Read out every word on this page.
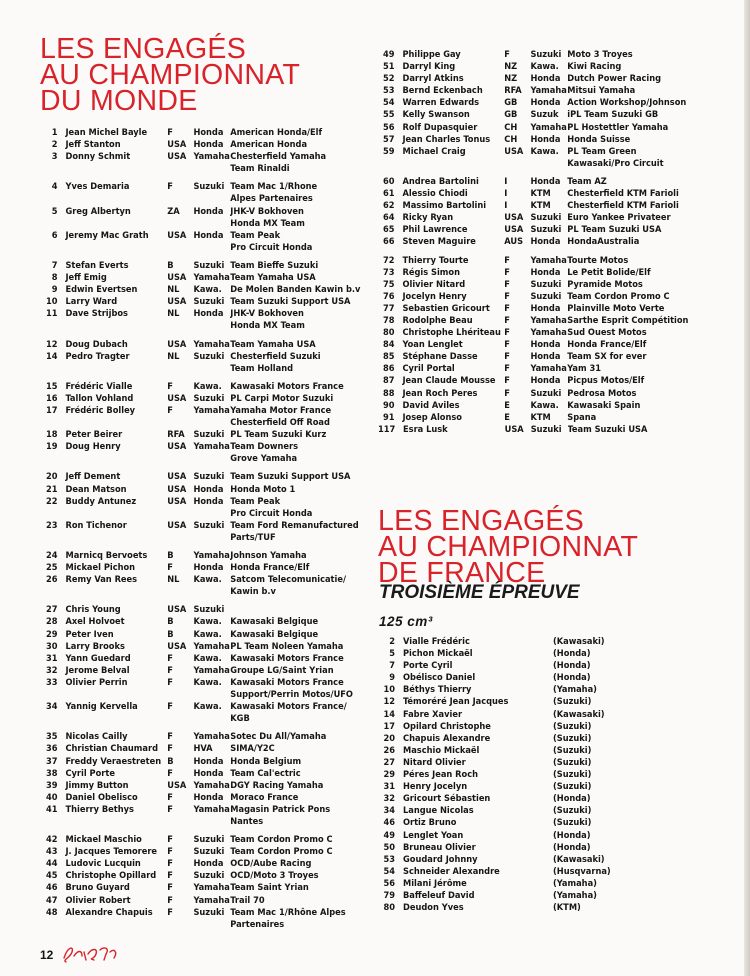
LES ENGAGÉS
AU CHAMPIONNAT
DU MONDE
1 Jean Michel Bayle	F	Honda American Honda/Elf
2 Jeff Stanton	USA Honda American Honda
3 Donny Schmit	USA Yamaha Chesterfield Yamaha
Team Rinaldi
4 Yves Demaria	F	Suzuki Team Mac 1/Rhone
Alpes Partenaires
5 Greg Albertyn	ZA	Honda JHK-V Bokhoven
Honda MX Team
6 Jeremy Mac Grath	USA Honda Team Peak
Pro Circuit Honda
7 Stefan Everts	B	Suzuki Team Bieffe Suzuki
8 Jeff Emig	USA Yamaha Team Yamaha USA
9 Edwin Evertsen	NL	Kawa. De Molen Banden Kawin b.v
10 Larry Ward	USA Suzuki Team Suzuki Support USA
11 Dave Strijbos	NL	Honda JHK-V Bokhoven
Honda MX Team
12 Doug Dubach	USA Yamaha Team Yamaha USA
14 Pedro Tragter	NL	Suzuki Chesterfield Suzuki
Team Holland
15 Frédéric Vialle	F	Kawa. Kawasaki Motors France
16 Tallon Vohland	USA Suzuki PL Carpi Motor Suzuki
17 Frédéric Bolley	F	Yamaha Yamaha Motor France
Chesterfield Off Road
18 Peter Beirer	RFA Suzuki PL Team Suzuki Kurz
19 Doug Henry	USA Yamaha Team Downers
Grove Yamaha
20 Jeff Dement	USA Suzuki Team Suzuki Support USA
21 Dean Matson	USA Honda Honda Moto 1
22 Buddy Antunez	USA Honda Team Peak
Pro Circuit Honda
23 Ron Tichenor	USA Suzuki Team Ford Remanufactured
Parts/TUF
24 Marnicq Bervoets	B	Yamaha Johnson Yamaha
25 Mickael Pichon	F	Honda Honda France/Elf
26 Remy Van Rees	NL	Kawa. Satcom Telecomunicatie/
Kawin b.v
27 Chris Young	USA Suzuki
28 Axel Holvoet	B	Kawa. Kawasaki Belgique
29 Peter Iven	B	Kawa. Kawasaki Belgique
30 Larry Brooks	USA Yamaha PL Team Noleen Yamaha
31 Yann Guedard	F	Kawa. Kawasaki Motors France
32 Jerome Belval	F	Yamaha Groupe LG/Saint Yrian
33 Olivier Perrin	F	Kawa. Kawasaki Motors France
Support/Perrin Motos/UFO
34 Yannig Kervella	F	Kawa. Kawasaki Motors France/
KGB
35 Nicolas Cailly	F	Yamaha Sotec Du All/Yamaha
36 Christian Chaumard	F	HVA	SIMA/Y2C
37 Freddy Veraestreten B	Honda Honda Belgium
38 Cyril Porte	F	Honda Team Cal'ectric
39 Jimmy Button	USA Yamaha DGY Racing Yamaha
40 Daniel Obelisco	F	Honda Moraco France
41 Thierry Bethys	F	Yamaha Magasin Patrick Pons
Nantes
42 Mickael Maschio	F	Suzuki Team Cordon Promo C
43 J. Jacques Temorere	F	Suzuki Team Cordon Promo C
44 Ludovic Lucquin	F	Honda OCD/Aube Racing
45 Christophe Opillard	F	Suzuki OCD/Moto 3 Troyes
46 Bruno Guyard	F	Yamaha Team Saint Yrian
47 Olivier Robert	F	Yamaha Trail 70
48 Alexandre Chapuis	F	Suzuki Team Mac 1/Rhône Alpes
Partenaires
49 Philippe Gay	F	Suzuki Moto 3 Troyes
51 Darryl King	NZ	Kawa. Kiwi Racing
52 Darryl Atkins	NZ	Honda Dutch Power Racing
53 Bernd Eckenbach	RFA Yamaha Mitsui Yamaha
54 Warren Edwards	GB	Honda Action Workshop/Johnson
55 Kelly Swanson	GB	Suzuk iPL Team Suzuki GB
56 Rolf Dupasquier	CH	Yamaha PL Hostettler Yamaha
57 Jean Charles Tonus	CH	Honda Honda Suisse
59 Michael Craig	USA Kawa. PL Team Green
Kawasaki/Pro Circuit
60 Andrea Bartolini	I	Honda Team AZ
61 Alessio Chiodi	I	KTM	Chesterfield KTM Farioli
62 Massimo Bartolini	I	KTM	Chesterfield KTM Farioli
64 Ricky Ryan	USA Suzuki Euro Yankee Privateer
65 Phil Lawrence	USA Suzuki PL Team Suzuki USA
66 Steven Maguire	AUS Honda HondaAustralia
72 Thierry Tourte	F	Yamaha Tourte Motos
73 Régis Simon	F	Honda Le Petit Bolide/Elf
75 Olivier Nitard	F	Suzuki Pyramide Motos
76 Jocelyn Henry	F	Suzuki Team Cordon Promo C
77 Sebastien Gricourt	F	Honda Plainville Moto Verte
78 Rodolphe Beau	F	Yamaha Sarthe Esprit Compétition
80 Christophe Lhériteau F	Yamaha Sud Ouest Motos
84 Yoan Lenglet	F	Honda Honda France/Elf
85 Stéphane Dasse	F	Honda Team SX for ever
86 Cyril Portal	F	Yamaha Yam 31
87 Jean Claude Mousse F	Honda Picpus Motos/Elf
88 Jean Roch Peres	F	Suzuki Pedrosa Motos
90 David Aviles	E	Kawa. Kawasaki Spain
91 Josep Alonso	E	KTM	Spana
117 Esra Lusk	USA Suzuki Team Suzuki USA
LES ENGAGÉS
AU CHAMPIONNAT
DE FRANCE
TROISIÈME ÉPREUVE
125 cm³
2 Vialle Frédéric	(Kawasaki)
5 Pichon Mickaël	(Honda)
7 Porte Cyril	(Honda)
9 Obélisco Daniel	(Honda)
10 Béthys Thierry	(Yamaha)
12 Témoréré Jean Jacques	(Suzuki)
14 Fabre Xavier	(Kawasaki)
17 Opilard Christophe	(Suzuki)
20 Chapuis Alexandre	(Suzuki)
26 Maschio Mickaël	(Suzuki)
27 Nitard Olivier	(Suzuki)
29 Péres Jean Roch	(Suzuki)
31 Henry Jocelyn	(Suzuki)
32 Gricourt Sébastien	(Honda)
34 Langue Nicolas	(Suzuki)
46 Ortiz Bruno	(Suzuki)
49 Lenglet Yoan	(Honda)
50 Bruneau Olivier	(Honda)
53 Goudard Johnny	(Kawasaki)
54 Schneider Alexandre	(Husqvarna)
56 Milani Jérôme	(Yamaha)
79 Baffeleuf David	(Yamaha)
80 Deudon Yves	(KTM)
12
